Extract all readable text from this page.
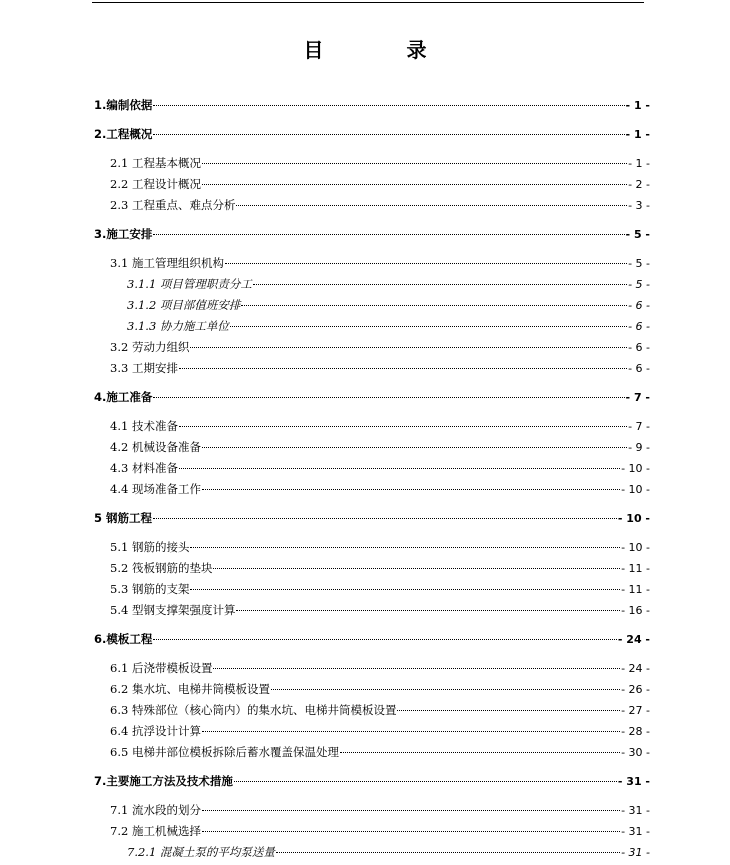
目 录
1.编制依据	- 1 -
2.工程概况	- 1 -
2.1 工程基本概况	- 1 -
2.2 工程设计概况	- 2 -
2.3 工程重点、难点分析	- 3 -
3.施工安排	- 5 -
3.1 施工管理组织机构	- 5 -
3.1.1 项目管理职责分工	- 5 -
3.1.2 项目部值班安排	- 6 -
3.1.3 协力施工单位	- 6 -
3.2 劳动力组织	- 6 -
3.3 工期安排	- 6 -
4.施工准备	- 7 -
4.1 技术准备	- 7 -
4.2 机械设备准备	- 9 -
4.3 材料准备	- 10 -
4.4 现场准备工作	- 10 -
5 钢筋工程	- 10 -
5.1 钢筋的接头	- 10 -
5.2 筏板钢筋的垫块	- 11 -
5.3 钢筋的支架	- 11 -
5.4 型钢支撑架强度计算	- 16 -
6.模板工程	- 24 -
6.1 后浇带模板设置	- 24 -
6.2 集水坑、电梯井筒模板设置	- 26 -
6.3 特殊部位（核心筒内）的集水坑、电梯井筒模板设置	- 27 -
6.4 抗浮设计计算	- 28 -
6.5 电梯井部位模板拆除后蓄水覆盖保温处理	- 30 -
7.主要施工方法及技术措施	- 31 -
7.1 流水段的划分	- 31 -
7.2 施工机械选择	- 31 -
7.2.1 混凝土泵的平均泵送量	- 31 -
